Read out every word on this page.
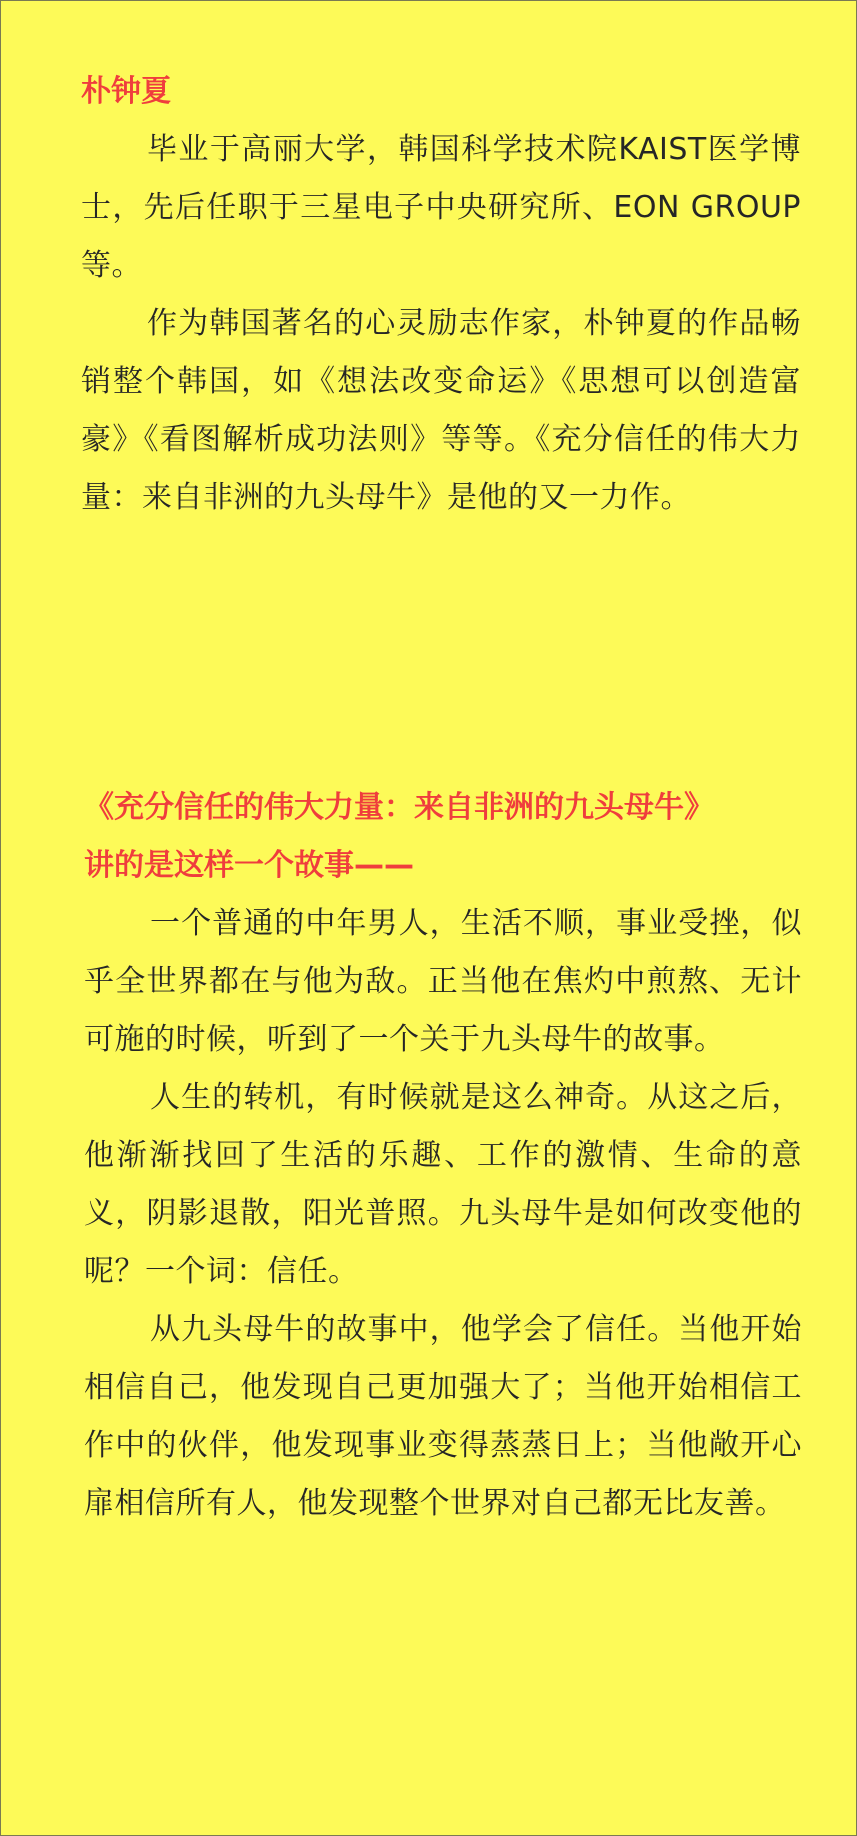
朴钟夏

毕业于高丽大学，韩国科学技术院KAIST医学博士，先后任职于三星电子中央研究所、EON GROUP等。

作为韩国著名的心灵励志作家，朴钟夏的作品畅销整个韩国，如《想法改变命运》《思想可以创造富豪》《看图解析成功法则》等等。《充分信任的伟大力量：来自非洲的九头母牛》是他的又一力作。

《充分信任的伟大力量：来自非洲的九头母牛》
讲的是这样一个故事——

一个普通的中年男人，生活不顺，事业受挫，似乎全世界都在与他为敌。正当他在焦灼中煎熬、无计可施的时候，听到了一个关于九头母牛的故事。

人生的转机，有时候就是这么神奇。从这之后，他渐渐找回了生活的乐趣、工作的激情、生命的意义，阴影退散，阳光普照。九头母牛是如何改变他的呢？一个词：信任。

从九头母牛的故事中，他学会了信任。当他开始相信自己，他发现自己更加强大了；当他开始相信工作中的伙伴，他发现事业变得蒸蒸日上；当他敞开心扉相信所有人，他发现整个世界对自己都无比友善。
